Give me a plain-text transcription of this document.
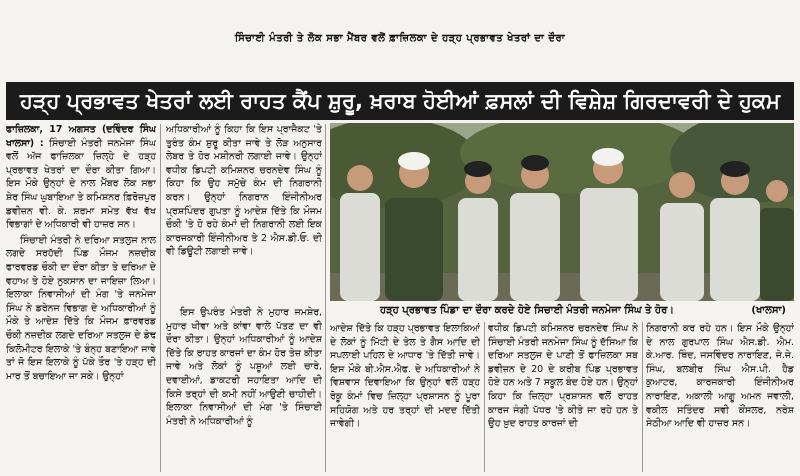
ਸਿੰਚਾਈ ਮੰਤਰੀ ਤੇ ਲੋਕ ਸਭਾ ਮੈਂਬਰ ਵਲੋਂ ਫ਼ਾਜ਼ਿਲਕਾ ਦੇ ਹੜ੍ਹ ਪ੍ਰਭਾਵਤ ਖੇਤਰਾਂ ਦਾ ਦੌਰਾ
ਹੜ੍ਹ ਪ੍ਰਭਾਵਤ ਖੇਤਰਾਂ ਲਈ ਰਾਹਤ ਕੈਂਪ ਸ਼ੁਰੂ, ਖ਼ਰਾਬ ਹੋਈਆਂ ਫ਼ਸਲਾਂ ਦੀ ਵਿਸ਼ੇਸ਼ ਗਿਰਦਾਵਰੀ ਦੇ ਹੁਕਮ

ਫਾਜ਼ਿਲਕਾ, 17 ਅਗਸਤ (ਦਵਿੰਦਰ ਸਿੰਘ ਖਾਲਸਾ) : ਸਿੰਚਾਈ ਮੰਤਰੀ ਜਨਮੇਜਾ ਸਿੰਘ ਵਲੋਂ ਅੱਜ ਫਾਜ਼ਿਲਕਾ ਜ਼ਿਲ੍ਹੇ ਦੇ ਹੜ੍ਹ ਪ੍ਰਭਾਵਤ ਖੇਤਰਾਂ ਦਾ ਦੌਰਾ ਕੀਤਾ ਗਿਆ। ਇਸ ਮੌਕੇ ਉਨ੍ਹਾਂ ਦੇ ਨਾਲ ਮੈਂਬਰ ਲੋਕ ਸਭਾ ਸ਼ੇਰ ਸਿੰਘ ਘੁਬਾਇਆ ਤੇ ਕਮਿਸ਼ਨਰ ਫ਼ਿਰੋਜ਼ਪੁਰ ਡਵੀਜ਼ਨ ਵੀ. ਕੇ. ਸ਼ਰਮਾ ਸਮੇਤ ਵੱਖ ਵੱਖ ਵਿਭਾਗਾਂ ਦੇ ਅਧਿਕਾਰੀ ਵੀ ਹਾਜ਼ਰ ਸਨ।

ਸਿੰਚਾਈ ਮੰਤਰੀ ਨੇ ਦਰਿਆ ਸਤਲੁਜ ਨਾਲ ਲਗਦੇ ਸਰਹੱਦੀ ਪਿੰਡ ਮੌਜਮ ਨਜ਼ਦੀਕ ਫਾਰਵਰਡ ਚੌਕੀ ਦਾ ਦੌਰਾ ਕੀਤਾ ਤੇ ਦਰਿਆ ਦੇ ਵਹਾਅ ਤੇ ਹੋਏ ਨੁਕਸਾਨ ਦਾ ਜਾਇਜ਼ਾ ਲਿਆ। ਇਲਾਕਾ ਨਿਵਾਸੀਆਂ ਦੀ ਮੰਗ 'ਤੇ ਜਨਮੇਜਾ ਸਿੰਘ ਨੇ ਡਰੇਨਜ ਵਿਭਾਗ ਦੇ ਅਧਿਕਾਰੀਆਂ ਨੂੰ ਮੌਕੇ ਤੇ ਆਦੇਸ਼ ਦਿੱਤੇ ਕਿ ਮੌਜਮ ਫ਼ਾਰਵਰਡ ਚੌਕੀ ਨਜ਼ਦੀਕ ਲਗਦੇ ਦਰਿਆ ਸਤਲੁਜ ਦੇ ਡੇਢ ਕਿਲੋਮੀਟਰ ਇਲਾਕੇ 'ਤੇ ਬੰਨ੍ਹ ਬਣਾਇਆ ਜਾਵੇ ਤਾਂ ਜੋ ਇਸ ਇਲਾਕੇ ਨੂੰ ਪੱਕੇ ਤੌਰ 'ਤੇ ਹੜ੍ਹ ਦੀ ਮਾਰ ਤੋਂ ਬਚਾਇਆ ਜਾ ਸਕੇ। ਉਨ੍ਹਾਂ

ਅਧਿਕਾਰੀਆਂ ਨੂੰ ਕਿਹਾ ਕਿ ਇਸ ਪ੍ਰਾਜੈਕਟ 'ਤੇ ਤੁਰੰਤ ਕੰਮ ਸ਼ੁਰੂ ਕੀਤਾ ਜਾਵੇ ਤੇ ਲੋੜ ਅਨੁਸਾਰ ਲੇਬਰ ਤੇ ਹੋਰ ਮਸ਼ੀਨਰੀ ਲਗਾਈ ਜਾਵੇ। ਉਨ੍ਹਾਂ ਵਧੀਕ ਡਿਪਟੀ ਕਮਿਸ਼ਨਰ ਚਰਨਦੇਵ ਸਿੰਘ ਨੂੰ ਕਿਹਾ ਕਿ ਉਹ ਸਮੁੱਚੇ ਕੰਮ ਦੀ ਨਿਗਰਾਨੀ ਕਰਨ। ਉਨ੍ਹਾਂ ਨਿਗਰਾਨ ਇੰਜੀਨੀਅਰ ਪ੍ਰਸ਼ਪਿੰਦਰ ਗੁਪਤਾ ਨੂੰ ਆਦੇਸ਼ ਦਿੱਤੇ ਕਿ ਮੌਜਮ ਚੌਕੀ 'ਤੇ ਹੋ ਰਹੇ ਕੰਮਾਂ ਦੀ ਨਿਗਰਾਨੀ ਲਈ ਇਕ ਕਾਰਜਕਾਰੀ ਇੰਜੀਨੀਅਰ ਤੇ 2 ਐਸ.ਡੀ.ਓ. ਦੀ ਵੀ ਡਿਊਟੀ ਲਗਾਈ ਜਾਵੇ।

ਇਸ ਉਪਰੰਤ ਮੰਤਰੀ ਨੇ ਮੁਹਾਰ ਜਮਸ਼ੇਰ, ਮੁਹਾਰ ਖੀਵਾ ਅਤੇ ਕਾਂਵਾ ਵਾਲੇ ਪੱਤਣ ਦਾ ਵੀ ਦੌਰਾ ਕੀਤਾ। ਉਨ੍ਹਾਂ ਅਧਿਕਾਰੀਆਂ ਨੂੰ ਆਦੇਸ਼ ਦਿੱਤੇ ਕਿ ਰਾਹਤ ਕਾਰਜਾਂ ਦਾ ਕੰਮ ਹੋਰ ਤੇਜ਼ ਕੀਤਾ ਜਾਵੇ ਅਤੇ ਲੋਕਾਂ ਨੂੰ ਪਸ਼ੂਆਂ ਲਈ ਚਾਰੇ, ਦਵਾਈਆਂ, ਡਾਕਟਰੀ ਸਹਾਇਤਾ ਆਦਿ ਦੀ ਕਿਸੇ ਤਰ੍ਹਾਂ ਦੀ ਕਮੀ ਨਹੀਂ ਆਉਣੀ ਚਾਹੀਦੀ। ਇਲਾਕਾ ਨਿਵਾਸੀਆਂ ਦੀ ਮੰਗ 'ਤੇ ਸਿੰਚਾਈ ਮੰਤਰੀ ਨੇ ਅਧਿਕਾਰੀਆਂ ਨੂੰ

ਹੜ੍ਹ ਪ੍ਰਭਾਵਤ ਪਿੰਡਾ ਦਾ ਦੌਰਾ ਕਰਦੇ ਹੋਏ ਸਿਚਾਈ ਮੰਤਰੀ ਜਨਮੇਜਾ ਸਿੰਘ ਤੇ ਹੋਰ।	(ਖਾਲਸਾ)

ਆਦੇਸ਼ ਦਿੱਤੇ ਕਿ ਹੜ੍ਹ ਪ੍ਰਭਾਵਤ ਇਲਾਕਿਆਂ ਦੇ ਲੋਕਾਂ ਨੂੰ ਮਿੱਟੀ ਦੇ ਤੇਲ ਤੇ ਗੈਸ ਆਦਿ ਦੀ ਸਪਲਾਈ ਪਹਿਲ ਦੇ ਆਧਾਰ 'ਤੇ ਦਿੱਤੀ ਜਾਵੇ। ਇਸ ਮੌਕੇ ਬੀ.ਐਸ.ਐਫ. ਦੇ ਅਧਿਕਾਰੀਆਂ ਨੇ ਵਿਸ਼ਵਾਸ ਦਿਵਾਇਆ ਕਿ ਉਨ੍ਹਾਂ ਵਲੋਂ ਹੜ੍ਹ ਰੋਕੂ ਕੰਮਾਂ ਵਿਚ ਜ਼ਿਲ੍ਹਾ ਪ੍ਰਸ਼ਾਸਨ ਨੂੰ ਪੂਰਾ ਸਹਿਯੋਗ ਅਤੇ ਹਰ ਤਰ੍ਹਾਂ ਦੀ ਮਦਦ ਦਿੱਤੀ ਜਾਵੇਗੀ।

ਵਧੀਕ ਡਿਪਟੀ ਕਮਿਸ਼ਨਰ ਚਰਨਦੇਵ ਸਿੰਘ ਨੇ ਸਿੰਚਾਈ ਮੰਤਰੀ ਜਨਮੇਜਾ ਸਿੰਘ ਨੂੰ ਦੱਸਿਆ ਕਿ ਦਰਿਆ ਸਤਲੁਜ ਦੇ ਪਾਣੀ ਤੋਂ ਫਾਜ਼ਿਲਕਾ ਸਬ ਡਵੀਜ਼ਨ ਦੇ 20 ਦੇ ਕਰੀਬ ਪਿੰਡ ਪ੍ਰਭਾਵਤ ਹੋਏ ਹਨ ਅਤੇ 7 ਸਕੂਲ ਬੰਦ ਹੋਏ ਹਨ। ਉਨ੍ਹਾਂ ਕਿਹਾ ਕਿ ਜ਼ਿਲ੍ਹਾ ਪ੍ਰਸ਼ਾਸਨ ਵਲੋਂ ਰਾਹਤ ਕਾਰਜ ਜੰਗੀ ਪੱਧਰ 'ਤੇ ਕੀਤੇ ਜਾ ਰਹੇ ਹਨ ਤੇ ਉਹ ਖ਼ੁਦ ਰਾਹਤ ਕਾਰਜਾਂ ਦੀ

ਨਿਗਰਾਨੀ ਕਰ ਰਹੇ ਹਨ। ਇਸ ਮੌਕੇ ਉਨ੍ਹਾਂ ਦੇ ਨਾਲ ਗੁਰਪਾਲ ਸਿੰਘ ਐਸ.ਡੀ. ਐਮ. ਕੇ.ਆਰ. ਥਿੰਦ, ਜਸਵਿੰਦਰ ਨਾਰਾਇਣ, ਜੇ.ਜੇ. ਸਿੰਘ, ਬਲਬੀਰ ਸਿੰਘ ਐਸ.ਪੀ. ਹੈਡ ਕੁਆਟਰ, ਕਾਰਜਕਾਰੀ ਇੰਜੀਨੀਅਰ ਨਾਰਾਇਣ, ਅਕਾਲੀ ਆਗੂ ਅਮਨ ਜਵਾਲੀ, ਵਕੀਲ ਸਤਿੰਦਰ ਸਵੀ ਕੌਂਸਲਰ, ਨਰੇਸ਼ ਸੇਠੀਆ ਆਦਿ ਵੀ ਹਾਜ਼ਰ ਸਨ।
